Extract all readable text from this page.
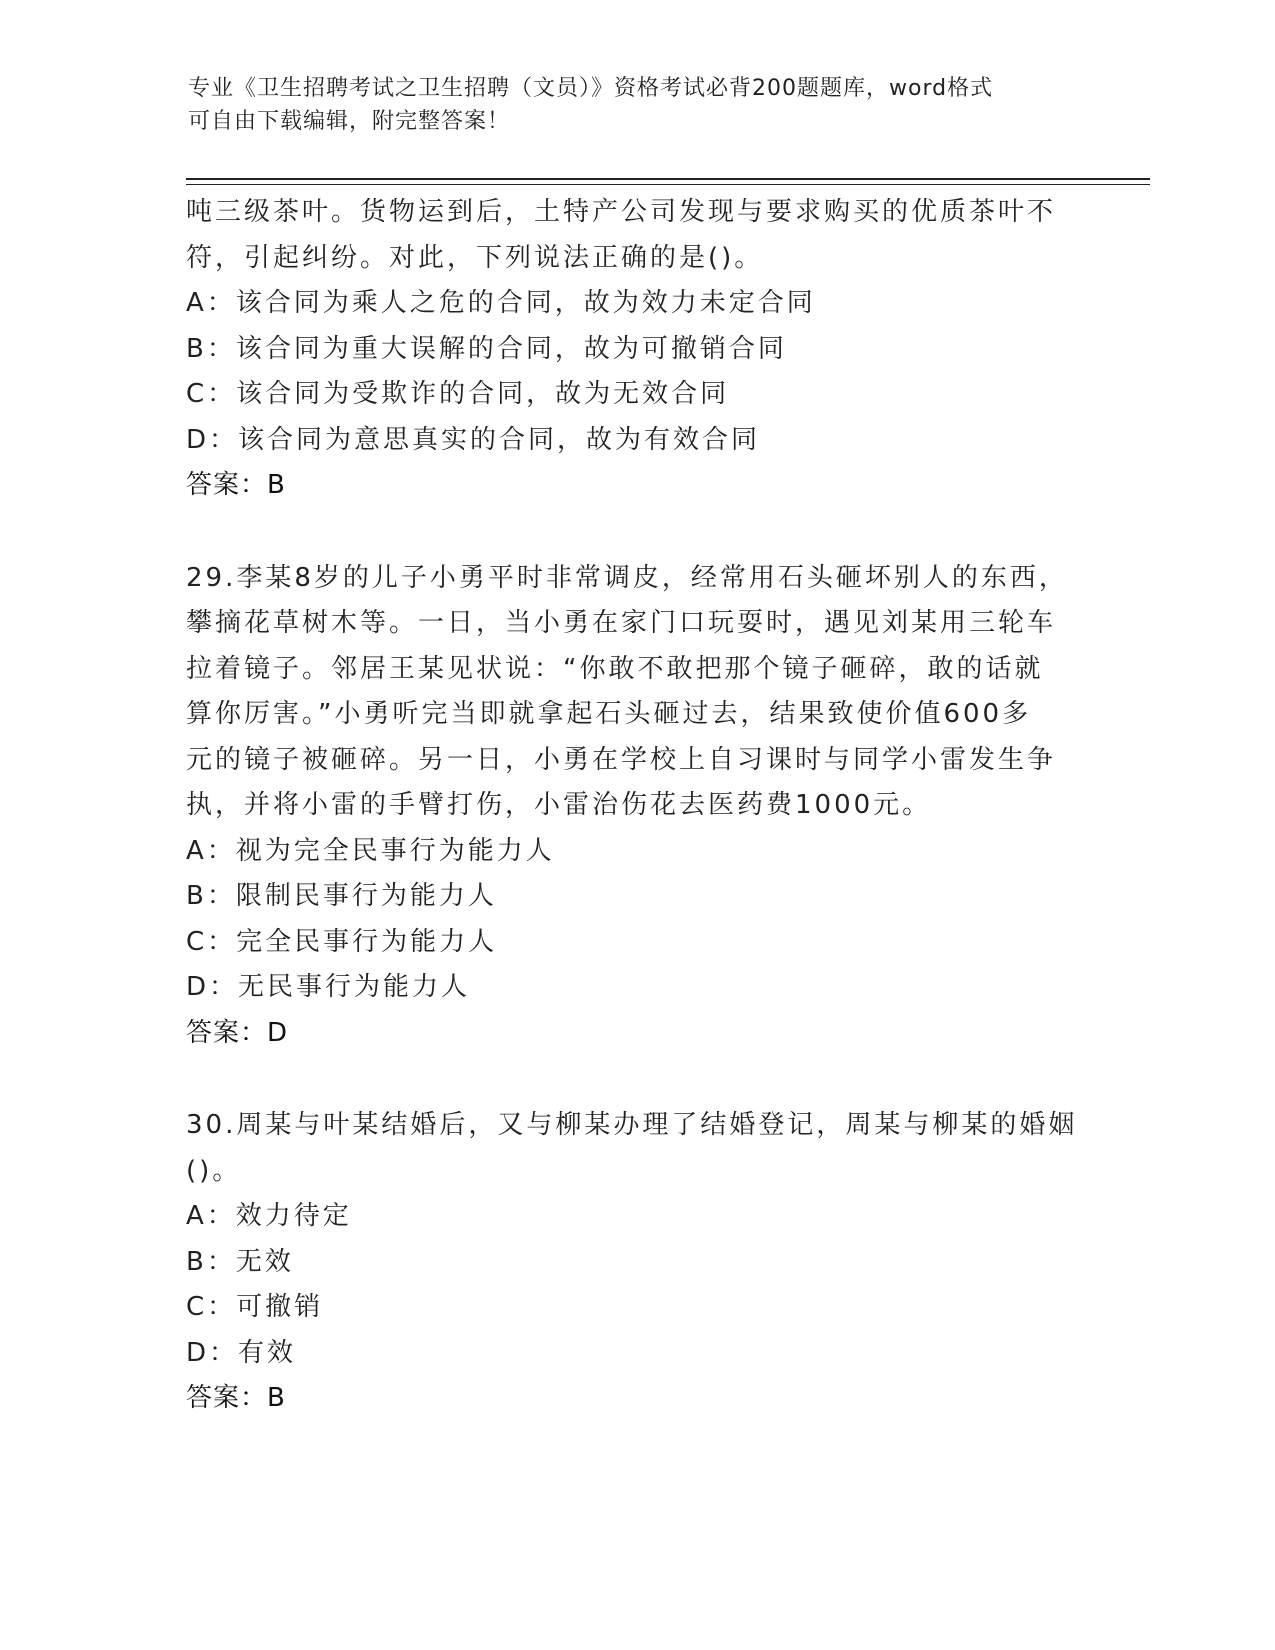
专业《卫生招聘考试之卫生招聘（文员）》资格考试必背200题题库，word格式
可自由下载编辑，附完整答案！
吨三级茶叶。货物运到后，土特产公司发现与要求购买的优质茶叶不
符，引起纠纷。对此，下列说法正确的是()。
A：该合同为乘人之危的合同，故为效力未定合同
B：该合同为重大误解的合同，故为可撤销合同
C：该合同为受欺诈的合同，故为无效合同
D：该合同为意思真实的合同，故为有效合同
答案：B
29.李某8岁的儿子小勇平时非常调皮，经常用石头砸坏别人的东西，
攀摘花草树木等。一日，当小勇在家门口玩耍时，遇见刘某用三轮车
拉着镜子。邻居王某见状说：“你敢不敢把那个镜子砸碎，敢的话就
算你厉害。”小勇听完当即就拿起石头砸过去，结果致使价值600多
元的镜子被砸碎。另一日，小勇在学校上自习课时与同学小雷发生争
执，并将小雷的手臂打伤，小雷治伤花去医药费1000元。
A：视为完全民事行为能力人
B：限制民事行为能力人
C：完全民事行为能力人
D：无民事行为能力人
答案：D
30.周某与叶某结婚后，又与柳某办理了结婚登记，周某与柳某的婚姻
()。
A：效力待定
B：无效
C：可撤销
D：有效
答案：B
